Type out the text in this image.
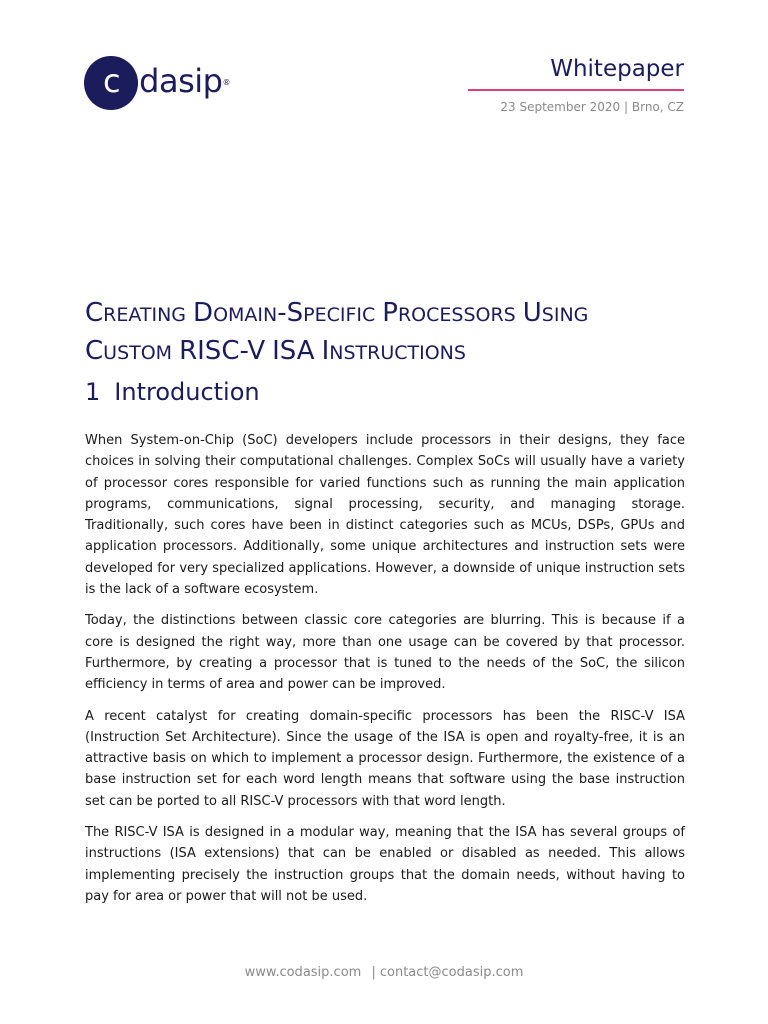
codasip®
Whitepaper
23 September 2020 | Brno, CZ
CREATING DOMAIN-SPECIFIC PROCESSORS USING
CUSTOM RISC-V ISA INSTRUCTIONS
1 Introduction

When System-on-Chip (SoC) developers include processors in their designs, they face choices in solving their computational challenges. Complex SoCs will usually have a variety of processor cores responsible for varied functions such as running the main application programs, communications, signal processing, security, and managing storage. Traditionally, such cores have been in distinct categories such as MCUs, DSPs, GPUs and application processors. Additionally, some unique architectures and instruction sets were developed for very specialized applications. However, a downside of unique instruction sets is the lack of a software ecosystem.

Today, the distinctions between classic core categories are blurring. This is because if a core is designed the right way, more than one usage can be covered by that processor. Furthermore, by creating a processor that is tuned to the needs of the SoC, the silicon efficiency in terms of area and power can be improved.

A recent catalyst for creating domain-specific processors has been the RISC-V ISA (Instruction Set Architecture). Since the usage of the ISA is open and royalty-free, it is an attractive basis on which to implement a processor design. Furthermore, the existence of a base instruction set for each word length means that software using the base instruction set can be ported to all RISC-V processors with that word length.

The RISC-V ISA is designed in a modular way, meaning that the ISA has several groups of instructions (ISA extensions) that can be enabled or disabled as needed. This allows implementing precisely the instruction groups that the domain needs, without having to pay for area or power that will not be used.

www.codasip.com | contact@codasip.com
